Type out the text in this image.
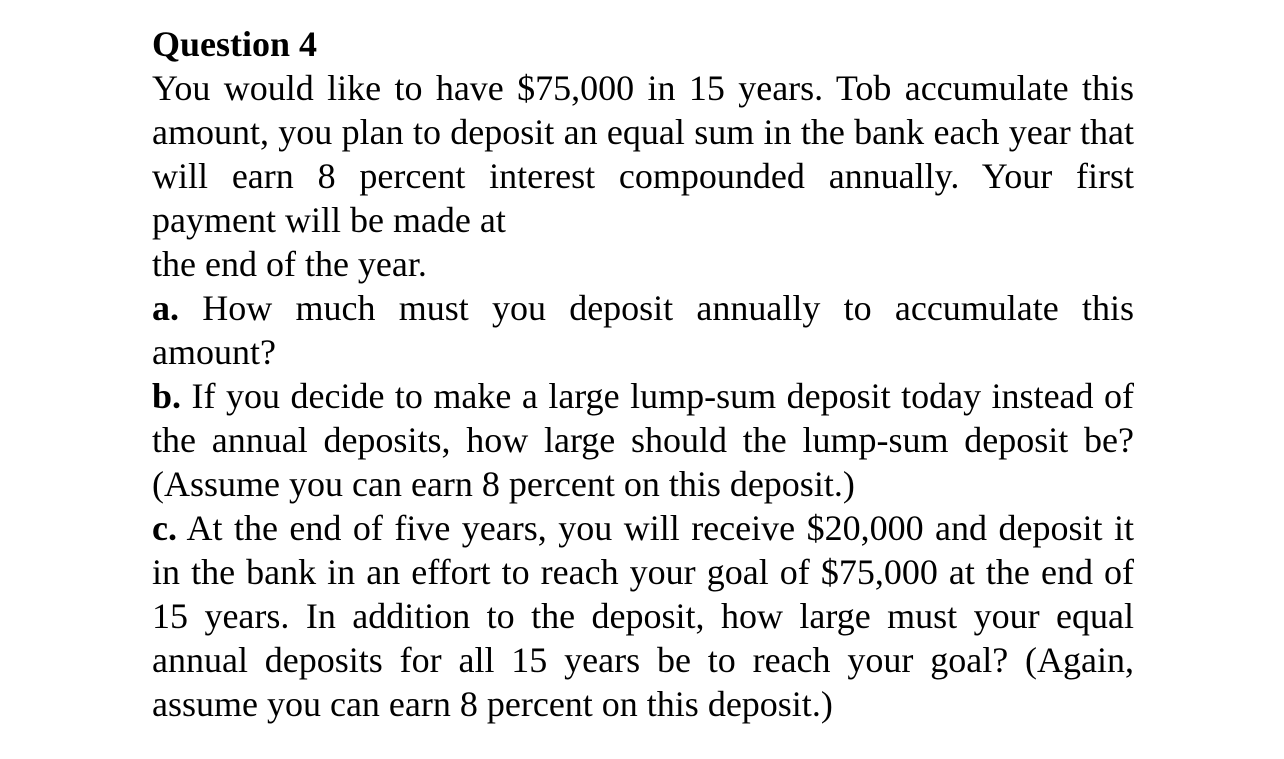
Question 4

You would like to have $75,000 in 15 years. Tob accumulate this amount, you plan to deposit an equal sum in the bank each year that will earn 8 percent interest compounded annually. Your first payment will be made at

the end of the year.

a. How much must you deposit annually to accumulate this amount?

b. If you decide to make a large lump-sum deposit today instead of the annual deposits, how large should the lump-sum deposit be? (Assume you can earn 8 percent on this deposit.)

c. At the end of five years, you will receive $20,000 and deposit it in the bank in an effort to reach your goal of $75,000 at the end of 15 years. In addition to the deposit, how large must your equal annual deposits for all 15 years be to reach your goal? (Again, assume you can earn 8 percent on this deposit.)
